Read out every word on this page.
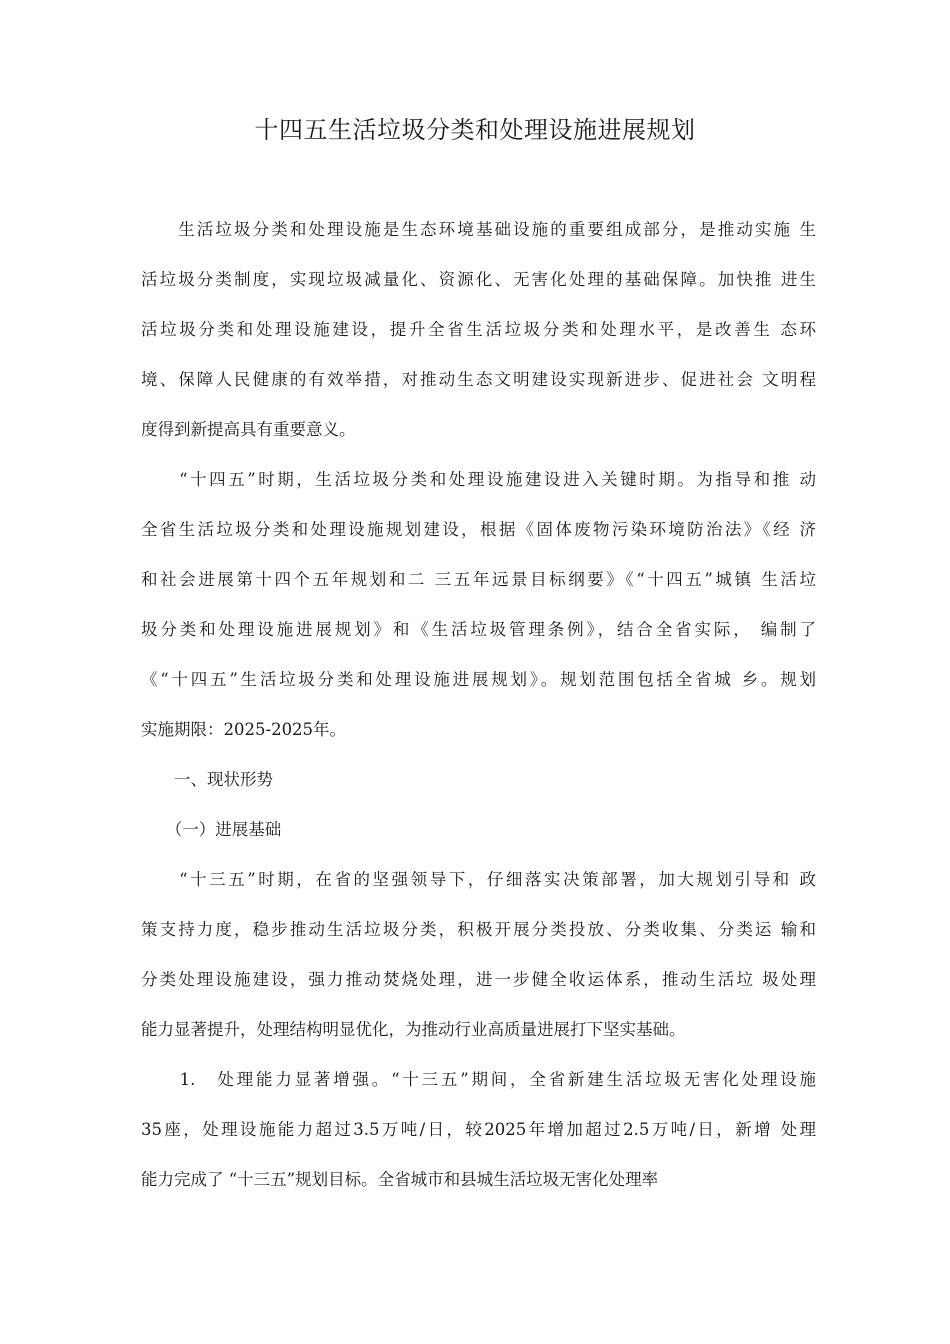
十四五生活垃圾分类和处理设施进展规划
　　生活垃圾分类和处理设施是生态环境基础设施的重要组成部分，是推动实施 生
活垃圾分类制度，实现垃圾减量化、资源化、无害化处理的基础保障。加快推 进生
活垃圾分类和处理设施建设，提升全省生活垃圾分类和处理水平，是改善生 态环
境、保障人民健康的有效举措，对推动生态文明建设实现新进步、促进社会 文明程
度得到新提高具有重要意义。
　　“十四五”时期，生活垃圾分类和处理设施建设进入关键时期。为指导和推 动
全省生活垃圾分类和处理设施规划建设，根据《固体废物污染环境防治法》《经 济
和社会进展第十四个五年规划和二 三五年远景目标纲要》《“十四五”城镇 生活垃
圾分类和处理设施进展规划》和《生活垃圾管理条例》，结合全省实际， 编制了
《“十四五”生活垃圾分类和处理设施进展规划》。规划范围包括全省城 乡。规划
实施期限：2025-2025年。
　　一、现状形势
　　（一）进展基础
　　“十三五”时期，在省的坚强领导下，仔细落实决策部署，加大规划引导和 政
策支持力度，稳步推动生活垃圾分类，积极开展分类投放、分类收集、分类运 输和
分类处理设施建设，强力推动焚烧处理，进一步健全收运体系，推动生活垃 圾处理
能力显著提升，处理结构明显优化，为推动行业高质量进展打下坚实基础。
　　1.　处理能力显著增强。“十三五”期间，全省新建生活垃圾无害化处理设施
35座，处理设施能力超过3.5万吨/日，较2025年增加超过2.5万吨/日，新增 处理
能力完成了 “十三五”规划目标。全省城市和县城生活垃圾无害化处理率
